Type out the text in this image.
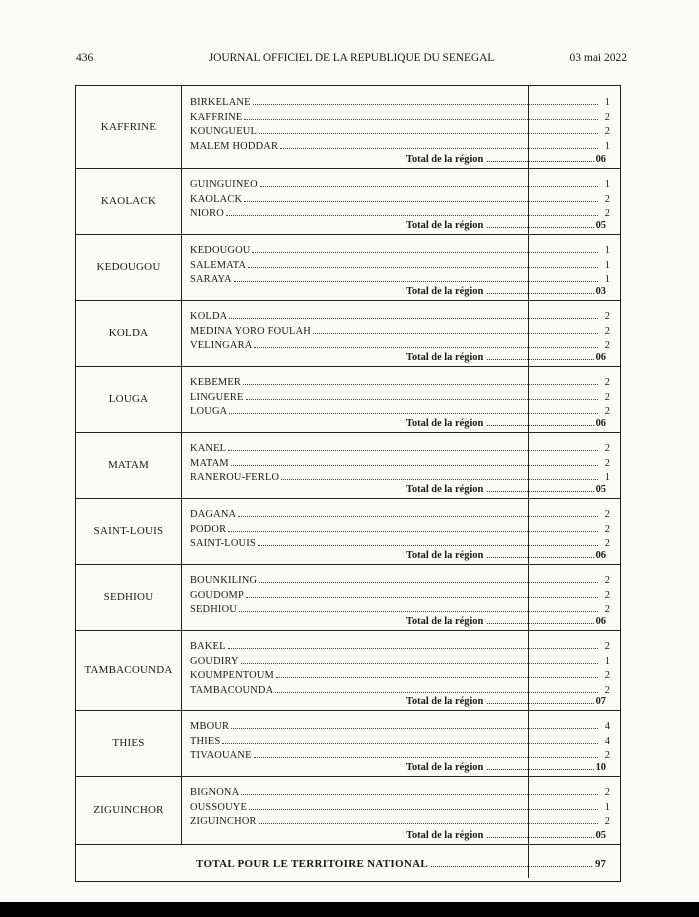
436	JOURNAL OFFICIEL DE LA REPUBLIQUE DU SENEGAL	03 mai 2022
KAFFRINE
BIRKELANE	1
KAFFRINE	2
KOUNGUEUL	2
MALEM HODDAR	1
Total de la région	06
KAOLACK
GUINGUINEO	1
KAOLACK	2
NIORO	2
Total de la région	05
KEDOUGOU
KEDOUGOU	1
SALEMATA	1
SARAYA	1
Total de la région	03
KOLDA
KOLDA	2
MEDINA YORO FOULAH	2
VELINGARA	2
Total de la région	06
LOUGA
KEBEMER	2
LINGUERE	2
LOUGA	2
Total de la région	06
MATAM
KANEL	2
MATAM	2
RANEROU-FERLO	1
Total de la région	05
SAINT-LOUIS
DAGANA	2
PODOR	2
SAINT-LOUIS	2
Total de la région	06
SEDHIOU
BOUNKILING	2
GOUDOMP	2
SEDHIOU	2
Total de la région	06
TAMBACOUNDA
BAKEL	2
GOUDIRY	1
KOUMPENTOUM	2
TAMBACOUNDA	2
Total de la région	07
THIES
MBOUR	4
THIES	4
TIVAOUANE	2
Total de la région	10
ZIGUINCHOR
BIGNONA	2
OUSSOUYE	1
ZIGUINCHOR	2
Total de la région	05
TOTAL POUR LE TERRITOIRE NATIONAL	97
